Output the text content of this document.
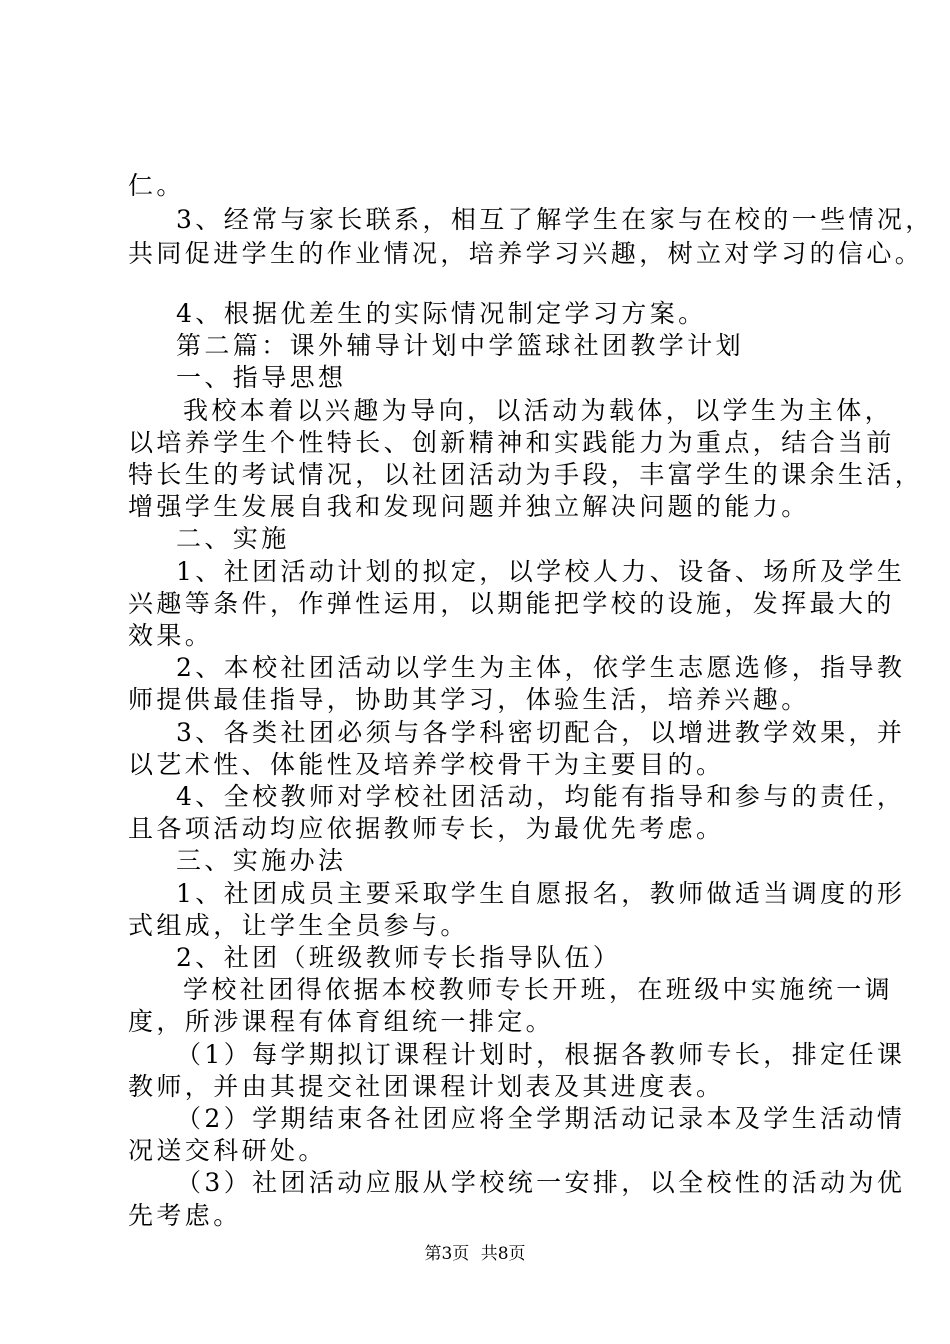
仁。
3、经常与家长联系，相互了解学生在家与在校的一些情况，
共同促进学生的作业情况，培养学习兴趣，树立对学习的信心。
4、根据优差生的实际情况制定学习方案。
第二篇：课外辅导计划中学篮球社团教学计划
一、指导思想
我校本着以兴趣为导向，以活动为载体，以学生为主体，
以培养学生个性特长、创新精神和实践能力为重点，结合当前
特长生的考试情况，以社团活动为手段，丰富学生的课余生活，
增强学生发展自我和发现问题并独立解决问题的能力。
二、实施
1、社团活动计划的拟定，以学校人力、设备、场所及学生
兴趣等条件，作弹性运用，以期能把学校的设施，发挥最大的
效果。
2、本校社团活动以学生为主体，依学生志愿选修，指导教
师提供最佳指导，协助其学习，体验生活，培养兴趣。
3、各类社团必须与各学科密切配合，以增进教学效果，并
以艺术性、体能性及培养学校骨干为主要目的。
4、全校教师对学校社团活动，均能有指导和参与的责任，
且各项活动均应依据教师专长，为最优先考虑。
三、实施办法
1、社团成员主要采取学生自愿报名，教师做适当调度的形
式组成，让学生全员参与。
2、社团（班级教师专长指导队伍）
学校社团得依据本校教师专长开班，在班级中实施统一调
度，所涉课程有体育组统一排定。
（1）每学期拟订课程计划时，根据各教师专长，排定任课
教师，并由其提交社团课程计划表及其进度表。
（2）学期结束各社团应将全学期活动记录本及学生活动情
况送交科研处。
（3）社团活动应服从学校统一安排，以全校性的活动为优
先考虑。
第3页 共8页
